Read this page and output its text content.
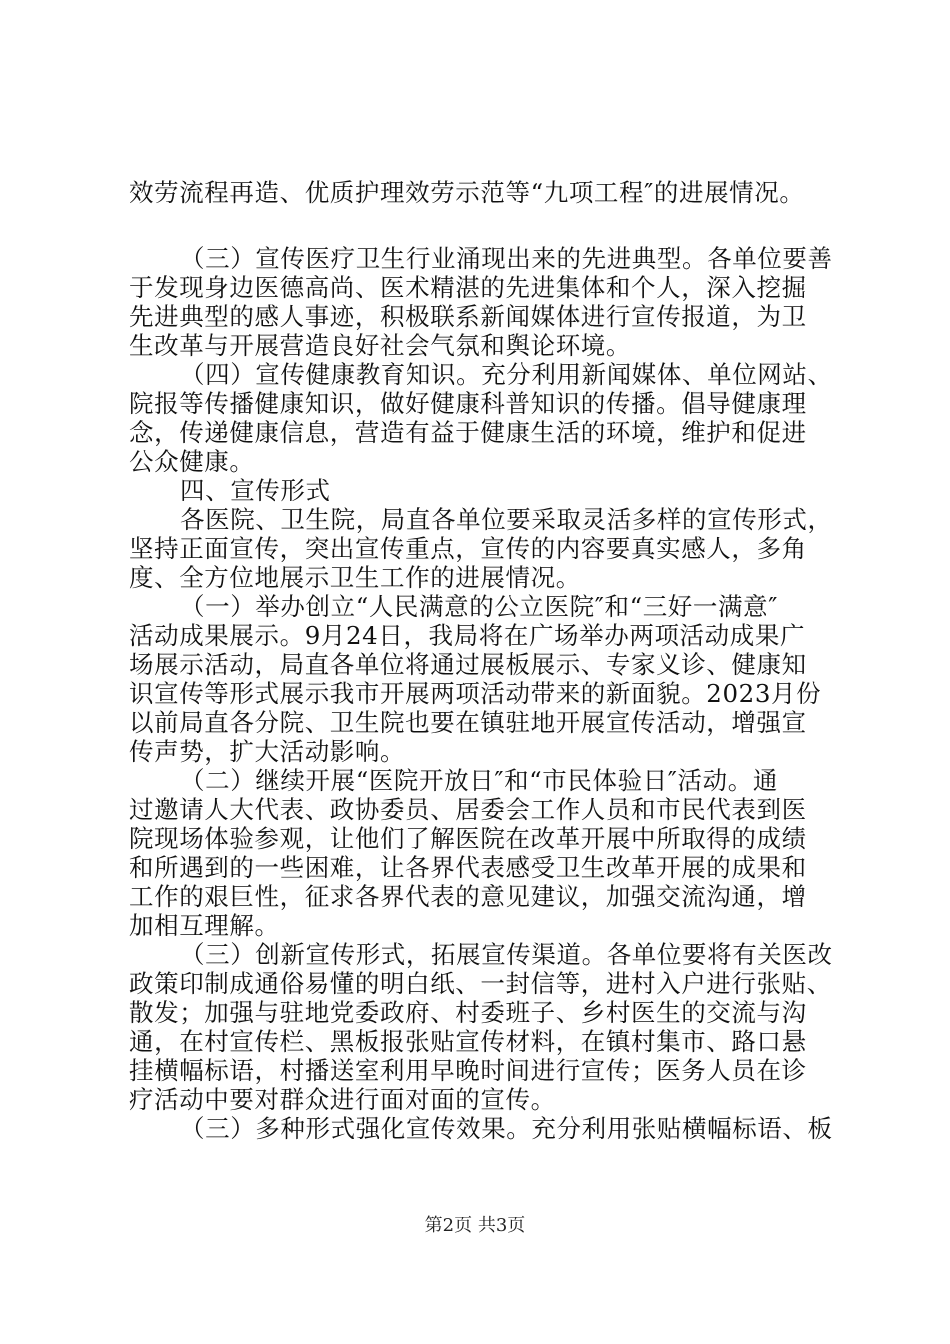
效劳流程再造、优质护理效劳示范等“九项工程″的进展情况。
（三）宣传医疗卫生行业涌现出来的先进典型。各单位要善
于发现身边医德高尚、医术精湛的先进集体和个人，深入挖掘
先进典型的感人事迹，积极联系新闻媒体进行宣传报道，为卫
生改革与开展营造良好社会气氛和舆论环境。
（四）宣传健康教育知识。充分利用新闻媒体、单位网站、
院报等传播健康知识，做好健康科普知识的传播。倡导健康理
念，传递健康信息，营造有益于健康生活的环境，维护和促进
公众健康。
四、宣传形式
各医院、卫生院，局直各单位要采取灵活多样的宣传形式，
坚持正面宣传，突出宣传重点，宣传的内容要真实感人，多角
度、全方位地展示卫生工作的进展情况。
（一）举办创立“人民满意的公立医院″和“三好一满意″
活动成果展示。9月24日，我局将在广场举办两项活动成果广
场展示活动，局直各单位将通过展板展示、专家义诊、健康知
识宣传等形式展示我市开展两项活动带来的新面貌。2023月份
以前局直各分院、卫生院也要在镇驻地开展宣传活动，增强宣
传声势，扩大活动影响。
（二）继续开展“医院开放日″和“市民体验日″活动。通
过邀请人大代表、政协委员、居委会工作人员和市民代表到医
院现场体验参观，让他们了解医院在改革开展中所取得的成绩
和所遇到的一些困难，让各界代表感受卫生改革开展的成果和
工作的艰巨性，征求各界代表的意见建议，加强交流沟通，增
加相互理解。
（三）创新宣传形式，拓展宣传渠道。各单位要将有关医改
政策印制成通俗易懂的明白纸、一封信等，进村入户进行张贴、
散发；加强与驻地党委政府、村委班子、乡村医生的交流与沟
通，在村宣传栏、黑板报张贴宣传材料，在镇村集市、路口悬
挂横幅标语，村播送室利用早晚时间进行宣传；医务人员在诊
疗活动中要对群众进行面对面的宣传。
（三）多种形式强化宣传效果。充分利用张贴横幅标语、板
第2页 共3页
